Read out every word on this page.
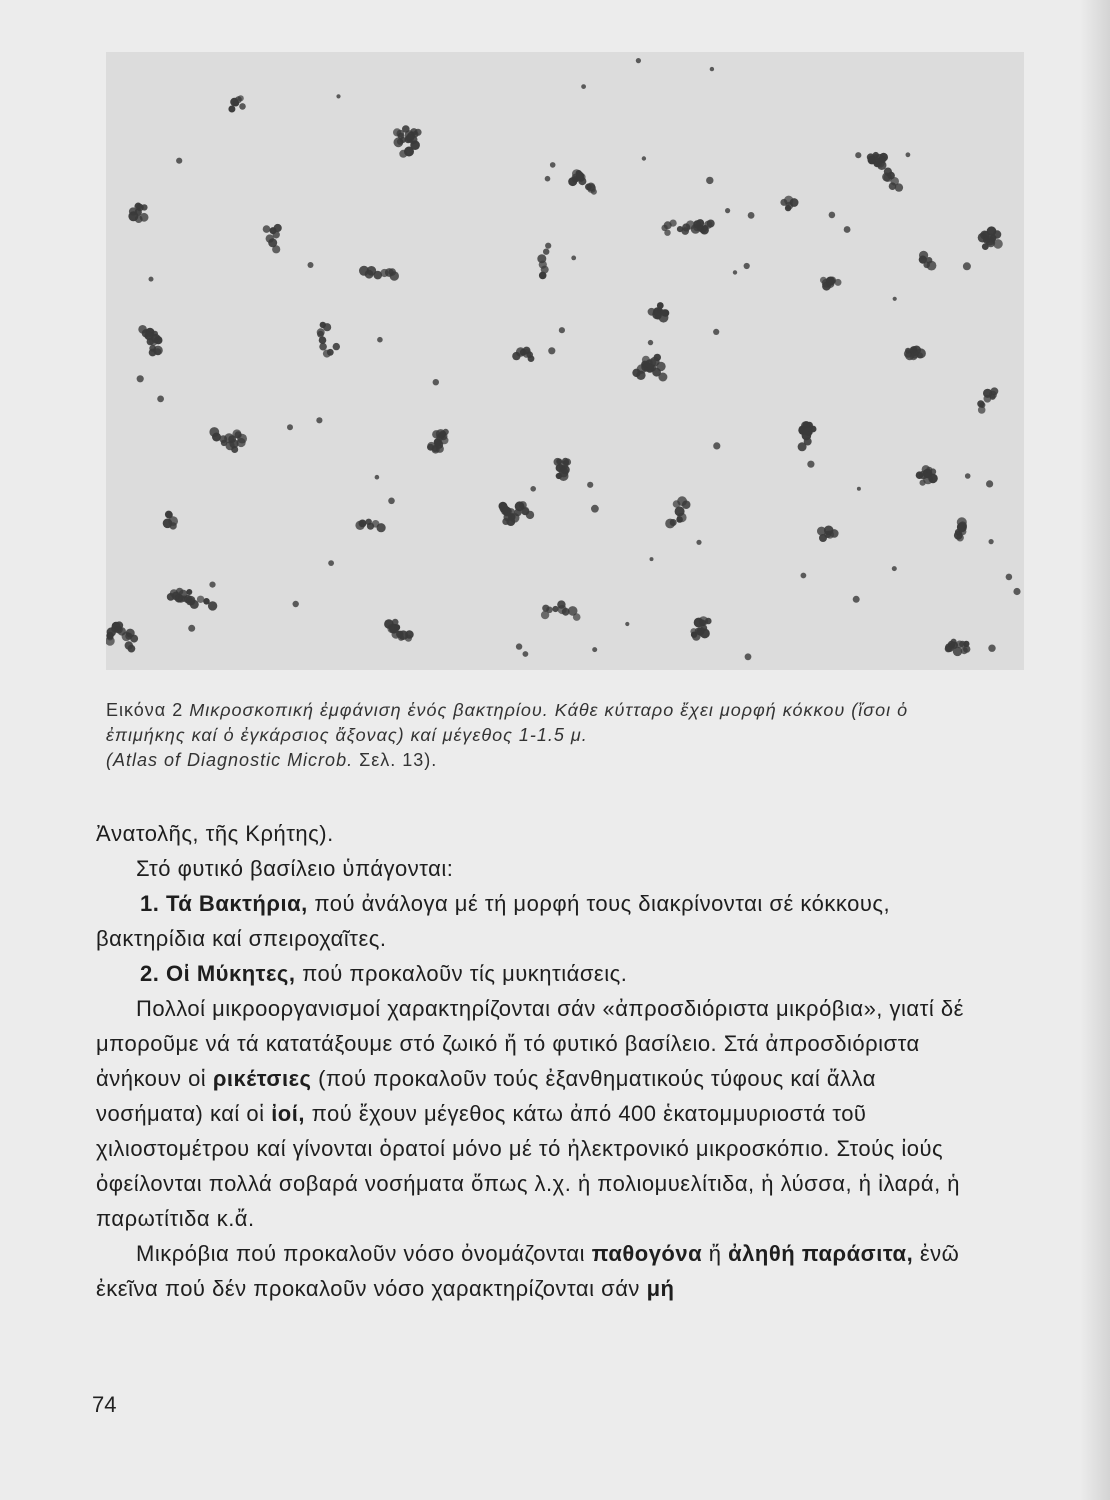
Εικόνα 2 Μικροσκοπική ἐμφάνιση ἑνός βακτηρίου. Κάθε κύτταρο ἔχει μορφή κόκκου (ἴσοι ὁ ἐπιμήκης καί ὁ ἐγκάρσιος ἄξονας) καί μέγεθος 1-1.5 μ.
(Atlas of Diagnostic Microb. Σελ. 13).

Ἀνατολῆς, τῆς Κρήτης).

Στό φυτικό βασίλειο ὑπάγονται:

1. Τά Βακτήρια, πού ἀνάλογα μέ τή μορφή τους διακρίνονται σέ κόκκους, βακτηρίδια καί σπειροχαῖτες.

2. Οἱ Μύκητες, πού προκαλοῦν τίς μυκητιάσεις.

Πολλοί μικροοργανισμοί χαρακτηρίζονται σάν «ἀπροσδιόριστα μικρόβια», γιατί δέ μποροῦμε νά τά κατατάξουμε στό ζωικό ἤ τό φυτικό βασίλειο. Στά ἀπροσδιόριστα ἀνήκουν οἱ ρικέτσιες (πού προκαλοῦν τούς ἐξανθηματικούς τύφους καί ἄλλα νοσήματα) καί οἱ ἰοί, πού ἔχουν μέγεθος κάτω ἀπό 400 ἑκατομμυριοστά τοῦ χιλιοστομέτρου καί γίνονται ὁρατοί μόνο μέ τό ἠλεκτρονικό μικροσκόπιο. Στούς ἰούς ὀφείλονται πολλά σοβαρά νοσήματα ὅπως λ.χ. ἡ πολιομυελίτιδα, ἡ λύσσα, ἡ ἰλαρά, ἡ παρωτίτιδα κ.ἄ.

Μικρόβια πού προκαλοῦν νόσο ὀνομάζονται παθογόνα ἤ ἀληθή παράσιτα, ἐνῶ ἐκεῖνα πού δέν προκαλοῦν νόσο χαρακτηρίζονται σάν μή

74
